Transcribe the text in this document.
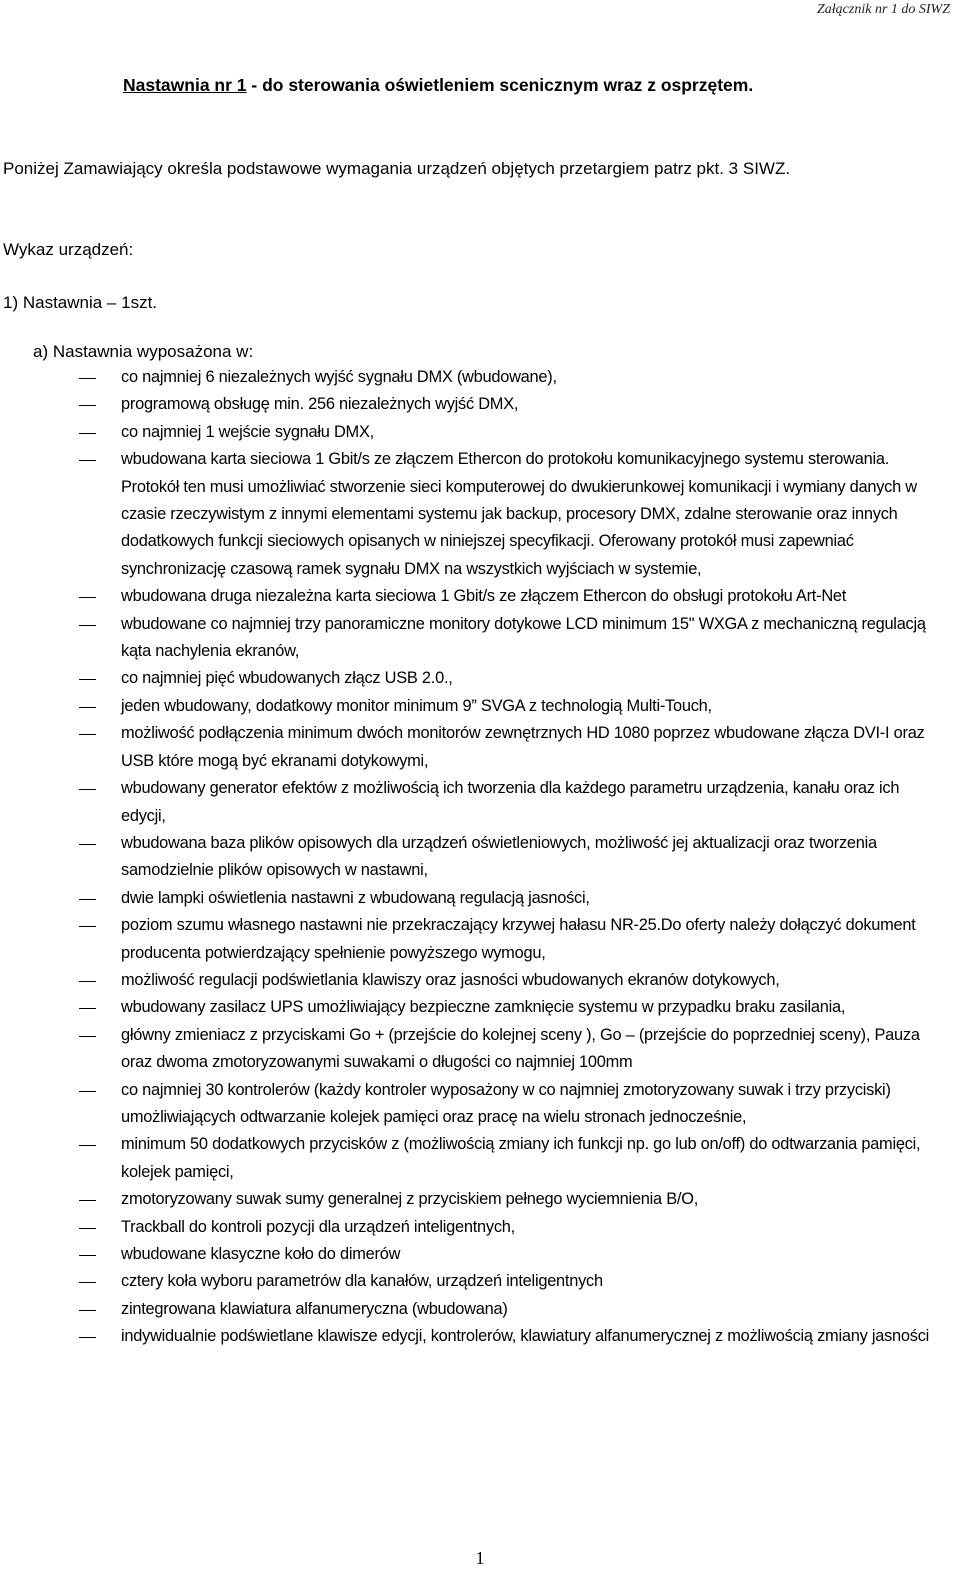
Załącznik nr 1 do SIWZ
Nastawnia nr 1 - do sterowania oświetleniem scenicznym wraz z osprzętem.
Poniżej Zamawiający określa podstawowe wymagania urządzeń objętych przetargiem patrz pkt. 3 SIWZ.
Wykaz urządzeń:
1) Nastawnia – 1szt.
a) Nastawnia wyposażona w:
co najmniej 6 niezależnych wyjść sygnału DMX (wbudowane),
programową obsługę min. 256 niezależnych wyjść DMX,
co najmniej 1 wejście sygnału DMX,
wbudowana karta sieciowa 1 Gbit/s ze złączem Ethercon do protokołu komunikacyjnego systemu sterowania. Protokół ten musi umożliwiać stworzenie sieci komputerowej do dwukierunkowej komunikacji i wymiany danych w czasie rzeczywistym z innymi elementami systemu jak backup, procesory DMX, zdalne sterowanie oraz innych dodatkowych funkcji sieciowych opisanych w niniejszej specyfikacji. Oferowany protokół musi zapewniać synchronizację czasową ramek sygnału DMX na wszystkich wyjściach w systemie,
wbudowana druga niezależna karta sieciowa 1 Gbit/s ze złączem Ethercon do obsługi protokołu Art-Net
wbudowane co najmniej trzy panoramiczne monitory dotykowe LCD minimum 15" WXGA z mechaniczną regulacją kąta nachylenia ekranów,
co najmniej pięć wbudowanych złącz USB 2.0.,
jeden wbudowany, dodatkowy monitor minimum 9” SVGA z technologią Multi-Touch,
możliwość podłączenia minimum dwóch monitorów zewnętrznych HD 1080 poprzez wbudowane złącza DVI-I oraz USB które mogą być ekranami dotykowymi,
wbudowany generator efektów z możliwością ich tworzenia dla każdego parametru urządzenia, kanału oraz ich edycji,
wbudowana baza plików opisowych dla urządzeń oświetleniowych, możliwość jej aktualizacji oraz tworzenia samodzielnie plików opisowych w nastawni,
dwie lampki oświetlenia nastawni z wbudowaną regulacją jasności,
poziom szumu własnego nastawni nie przekraczający krzywej hałasu NR-25.Do oferty należy dołączyć dokument producenta potwierdzający spełnienie powyższego wymogu,
możliwość regulacji podświetlania klawiszy oraz jasności wbudowanych ekranów dotykowych,
wbudowany zasilacz UPS umożliwiający bezpieczne zamknięcie systemu w przypadku braku zasilania,
główny zmieniacz z przyciskami Go + (przejście do kolejnej sceny ), Go – (przejście do poprzedniej sceny), Pauza oraz dwoma zmotoryzowanymi suwakami o długości co najmniej 100mm
co najmniej 30 kontrolerów (każdy kontroler wyposażony w co najmniej zmotoryzowany suwak i trzy przyciski) umożliwiających odtwarzanie kolejek pamięci oraz pracę na wielu stronach jednocześnie,
minimum 50 dodatkowych przycisków z (możliwością zmiany ich funkcji np. go lub on/off) do odtwarzania pamięci, kolejek pamięci,
zmotoryzowany suwak sumy generalnej z przyciskiem pełnego wyciemnienia B/O,
Trackball do kontroli pozycji dla urządzeń inteligentnych,
wbudowane klasyczne koło do dimerów
cztery koła wyboru parametrów dla kanałów, urządzeń inteligentnych
zintegrowana klawiatura alfanumeryczna (wbudowana)
indywidualnie podświetlane klawisze edycji, kontrolerów, klawiatury alfanumerycznej z możliwością zmiany jasności
1
